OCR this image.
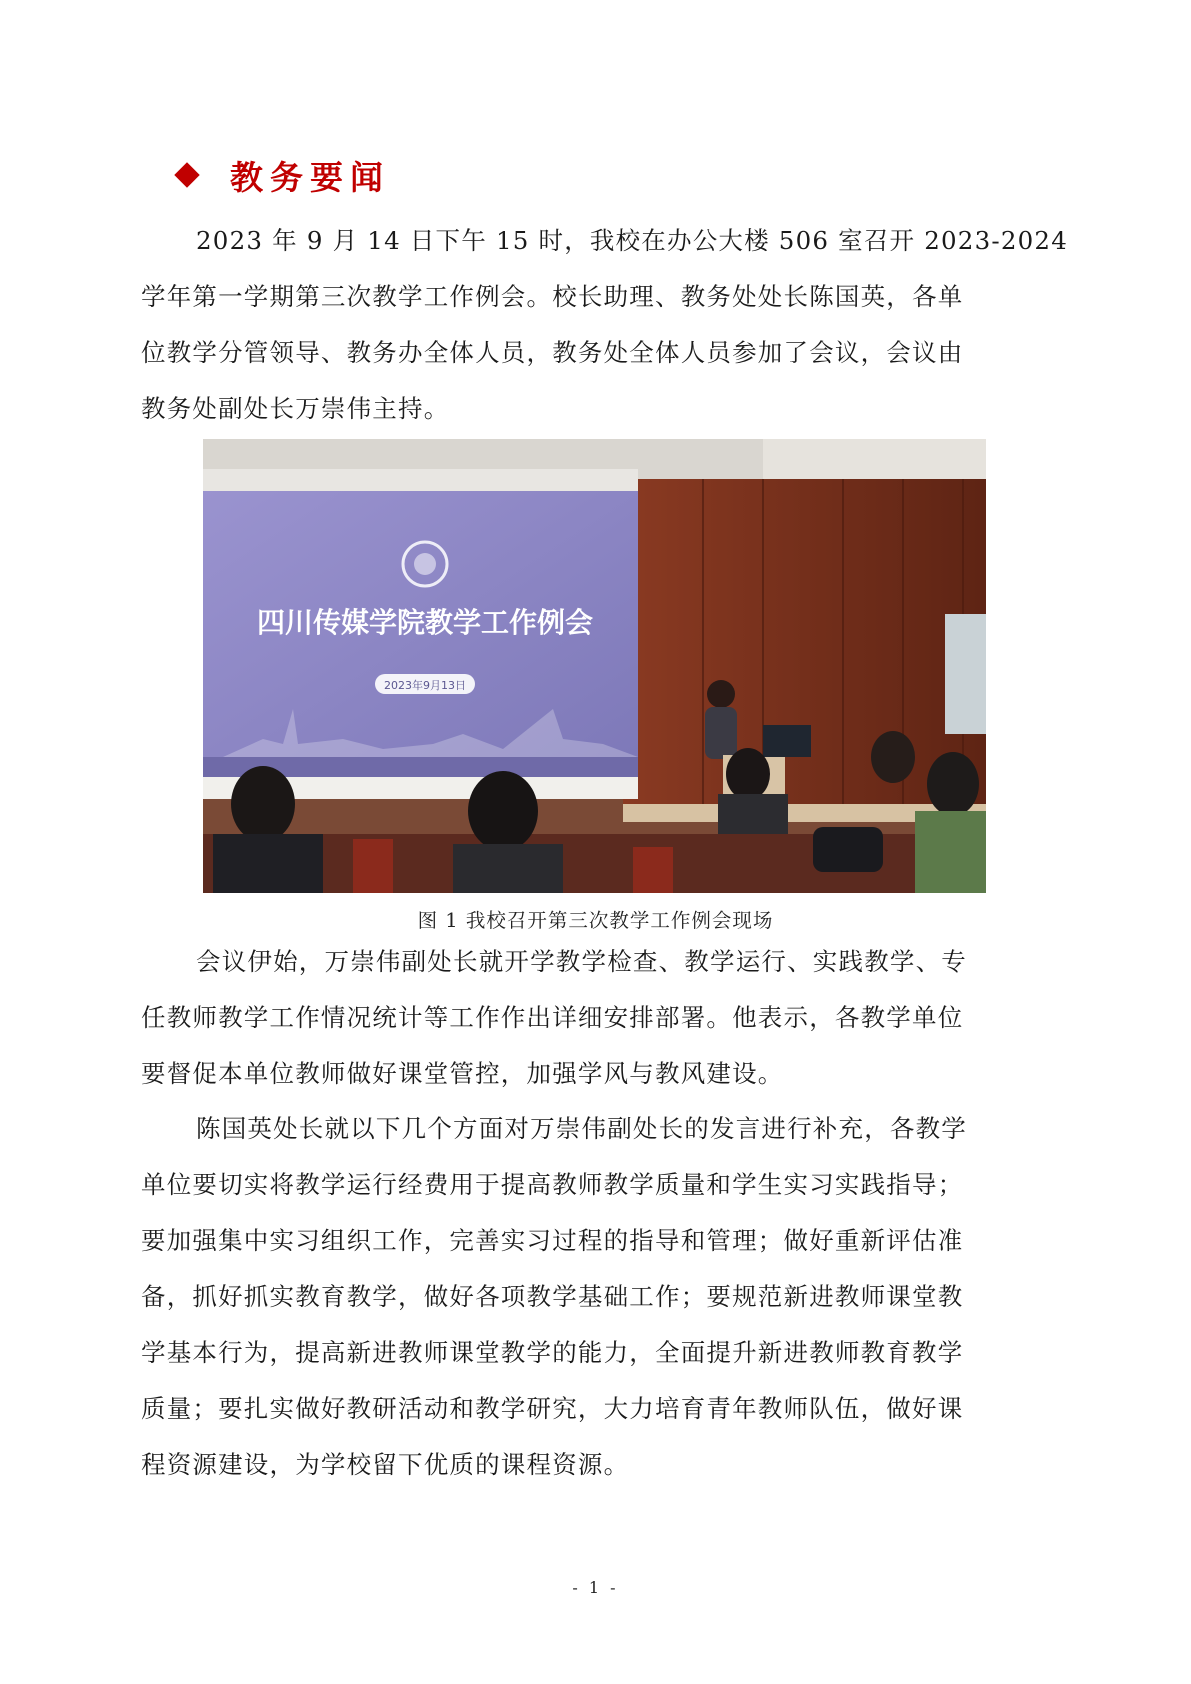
教务要闻
2023 年 9 月 14 日下午 15 时，我校在办公大楼 506 室召开 2023-2024
学年第一学期第三次教学工作例会。校长助理、教务处处长陈国英，各单
位教学分管领导、教务办全体人员，教务处全体人员参加了会议，会议由
教务处副处长万崇伟主持。
四川传媒学院教学工作例会
2023年9月13日
图 1 我校召开第三次教学工作例会现场
会议伊始，万崇伟副处长就开学教学检查、教学运行、实践教学、专
任教师教学工作情况统计等工作作出详细安排部署。他表示，各教学单位
要督促本单位教师做好课堂管控，加强学风与教风建设。
陈国英处长就以下几个方面对万崇伟副处长的发言进行补充，各教学
单位要切实将教学运行经费用于提高教师教学质量和学生实习实践指导；
要加强集中实习组织工作，完善实习过程的指导和管理；做好重新评估准
备，抓好抓实教育教学，做好各项教学基础工作；要规范新进教师课堂教
学基本行为，提高新进教师课堂教学的能力，全面提升新进教师教育教学
质量；要扎实做好教研活动和教学研究，大力培育青年教师队伍，做好课
程资源建设，为学校留下优质的课程资源。
- 1 -
